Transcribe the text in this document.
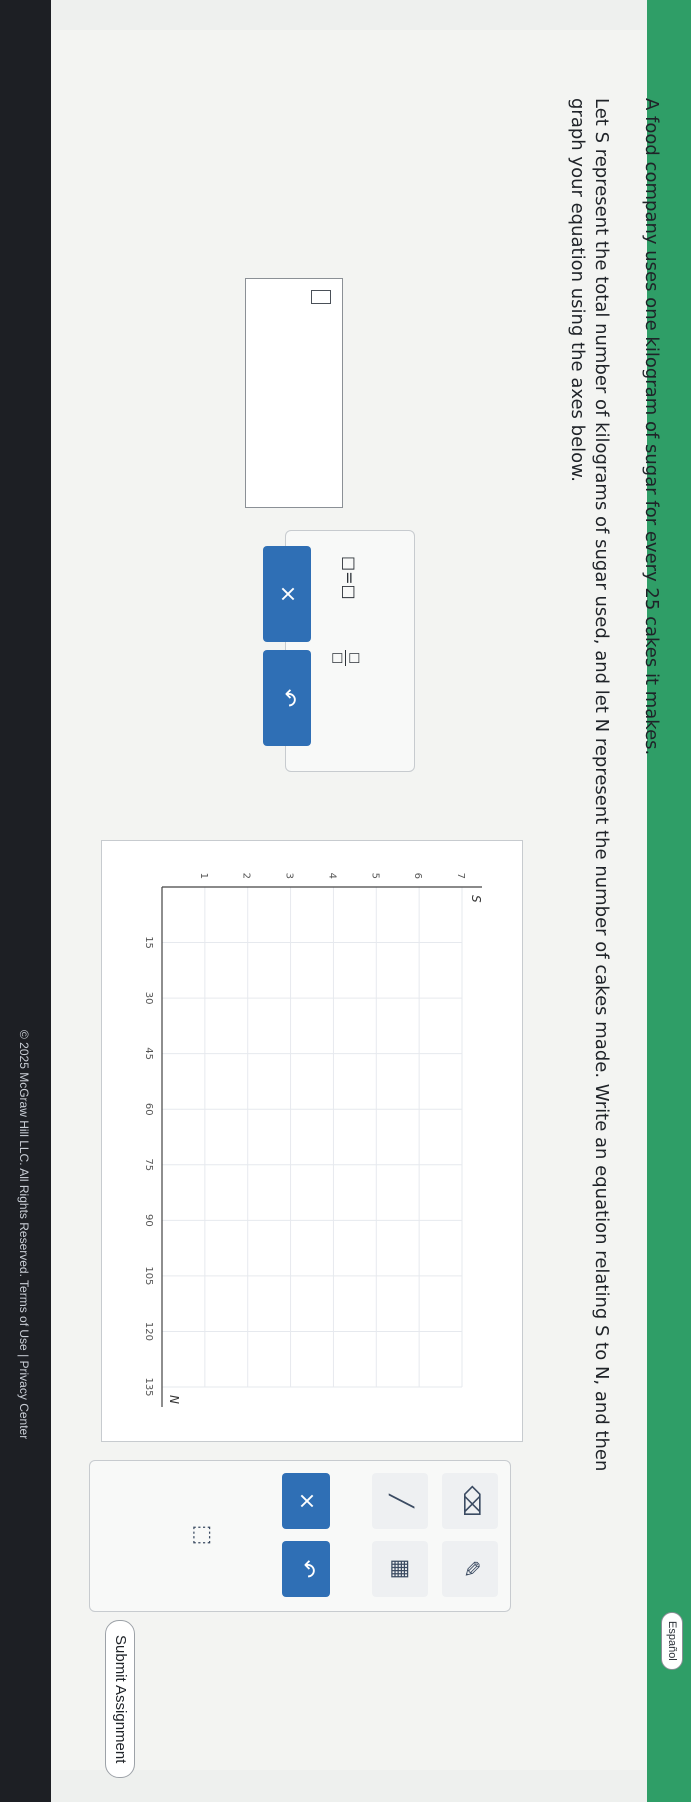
Español
A food company uses one kilogram of sugar for every 25 cakes it makes.
Let S represent the total number of kilograms of sugar used, and let N represent the number of cakes made. Write an equation relating S to N, and then graph your equation using the axes below.
□=□
□
□
×
↶
15
30
45
60
75
90
105
120
135
1	2	3	4	5	6	7
S
N
⌫
✎
╱
▦
×
↶
⬚
Submit Assignment
© 2025 McGraw Hill LLC. All Rights Reserved. Terms of Use | Privacy Center
